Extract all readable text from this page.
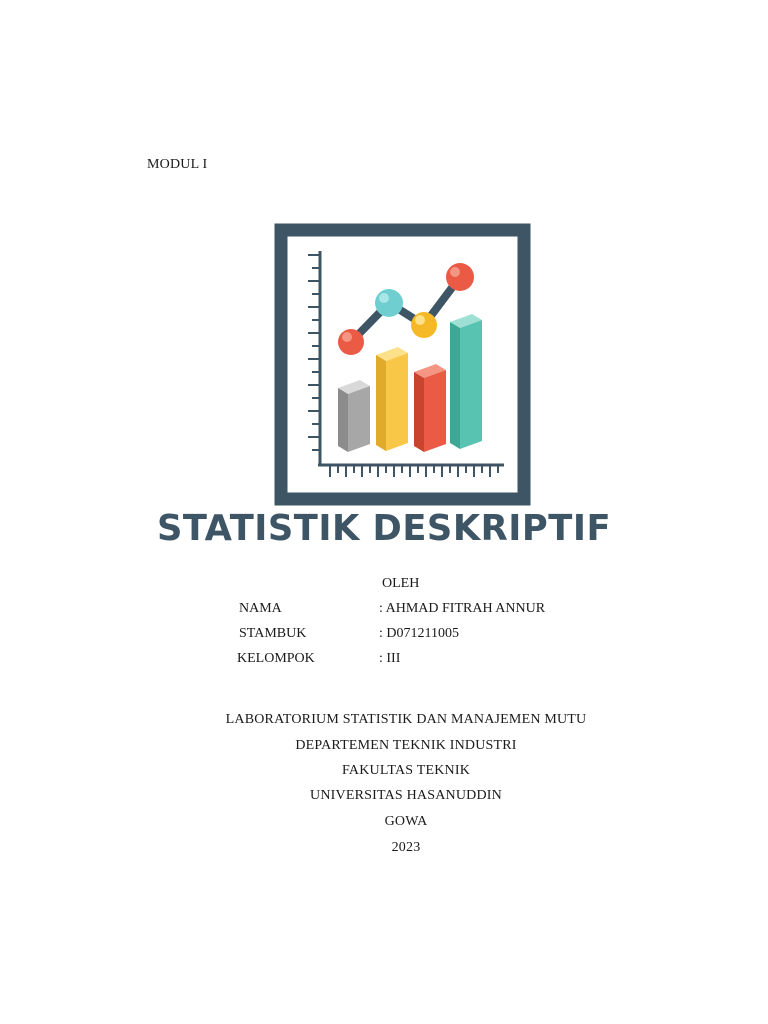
MODUL I
STATISTIK DESKRIPTIF
OLEH
NAMA	: AHMAD FITRAH ANNUR
STAMBUK	: D071211005
KELOMPOK	: III
LABORATORIUM STATISTIK DAN MANAJEMEN MUTU
DEPARTEMEN TEKNIK INDUSTRI
FAKULTAS TEKNIK
UNIVERSITAS HASANUDDIN
GOWA
2023
